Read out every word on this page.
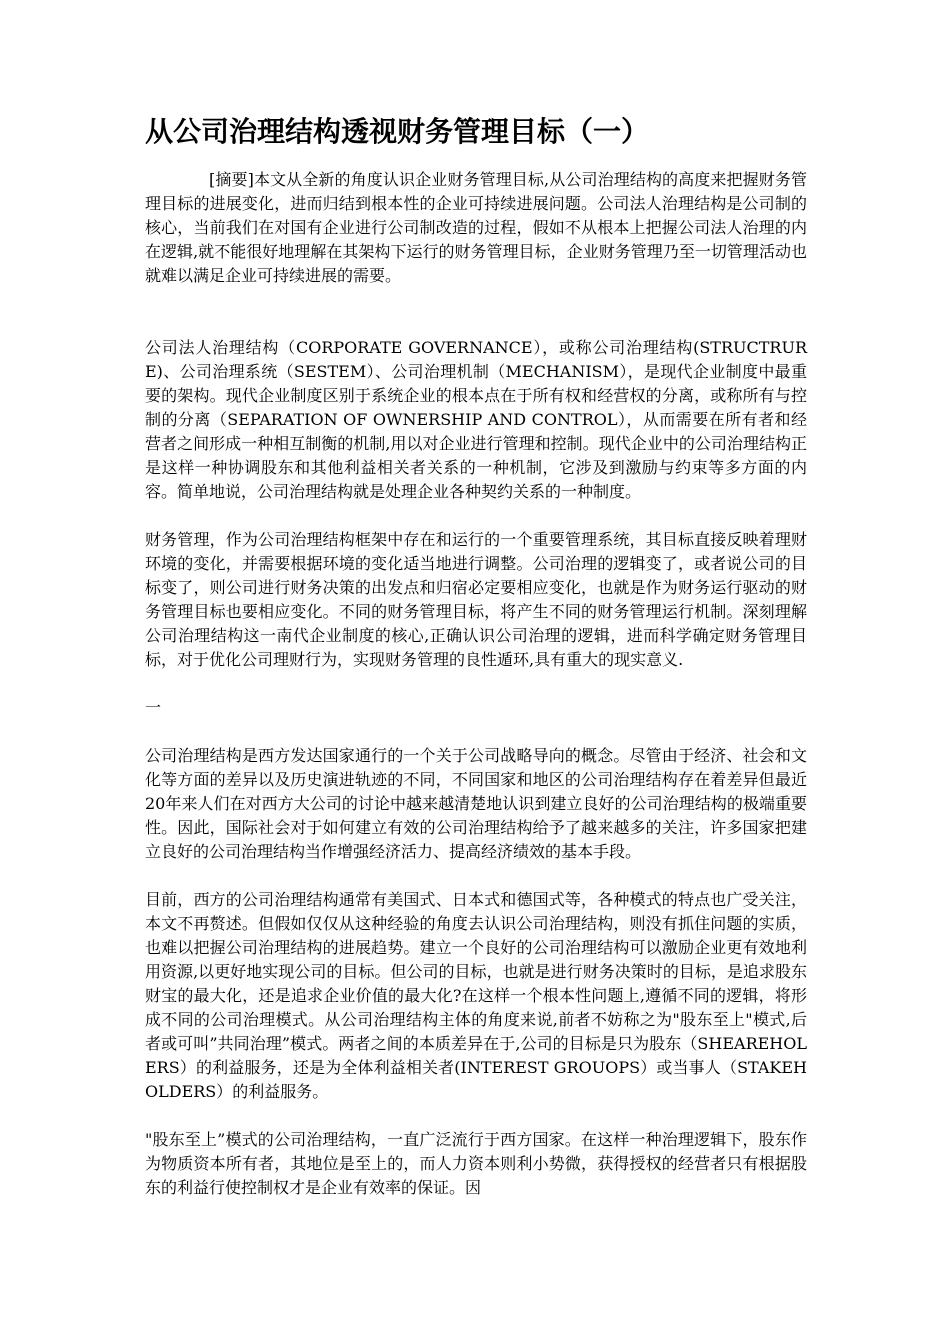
从公司治理结构透视财务管理目标（一）

[摘要]本文从全新的角度认识企业财务管理目标,从公司治理结构的高度来把握财务管理目标的进展变化，进而归结到根本性的企业可持续进展问题。公司法人治理结构是公司制的核心，当前我们在对国有企业进行公司制改造的过程，假如不从根本上把握公司法人治理的内在逻辑,就不能很好地理解在其架构下运行的财务管理目标，企业财务管理乃至一切管理活动也就难以满足企业可持续进展的需要。

公司法人治理结构（CORPORATE GOVERNANCE），或称公司治理结构(STRUCTRURE)、公司治理系统（SESTEM）、公司治理机制（MECHANISM），是现代企业制度中最重要的架构。现代企业制度区别于系统企业的根本点在于所有权和经营权的分离，或称所有与控制的分离（SEPARATION OF OWNERSHIP AND CONTROL），从而需要在所有者和经营者之间形成一种相互制衡的机制,用以对企业进行管理和控制。现代企业中的公司治理结构正是这样一种协调股东和其他利益相关者关系的一种机制，它涉及到激励与约束等多方面的内容。简单地说，公司治理结构就是处理企业各种契约关系的一种制度。

财务管理，作为公司治理结构框架中存在和运行的一个重要管理系统，其目标直接反映着理财环境的变化，并需要根据环境的变化适当地进行调整。公司治理的逻辑变了，或者说公司的目标变了，则公司进行财务决策的出发点和归宿必定要相应变化，也就是作为财务运行驱动的财务管理目标也要相应变化。不同的财务管理目标，将产生不同的财务管理运行机制。深刻理解公司治理结构这一南代企业制度的核心,正确认识公司治理的逻辑，进而科学确定财务管理目标，对于优化公司理财行为，实现财务管理的良性遁环,具有重大的现实意义.

一

公司治理结构是西方发达国家通行的一个关于公司战略导向的概念。尽管由于经济、社会和文化等方面的差异以及历史演进轨迹的不同，不同国家和地区的公司治理结构存在着差异但最近20年来人们在对西方大公司的讨论中越来越清楚地认识到建立良好的公司治理结构的极端重要性。因此，国际社会对于如何建立有效的公司治理结构给予了越来越多的关注，许多国家把建立良好的公司治理结构当作增强经济活力、提高经济绩效的基本手段。

目前，西方的公司治理结构通常有美国式、日本式和德国式等，各种模式的特点也广受关注，本文不再赘述。但假如仅仅从这种经验的角度去认识公司治理结构，则没有抓住问题的实质，也难以把握公司治理结构的进展趋势。建立一个良好的公司治理结构可以激励企业更有效地利用资源,以更好地实现公司的目标。但公司的目标，也就是进行财务决策时的目标，是追求股东财宝的最大化，还是追求企业价值的最大化?在这样一个根本性问题上,遵循不同的逻辑，将形成不同的公司治理模式。从公司治理结构主体的角度来说,前者不妨称之为"股东至上"模式,后者或可叫”共同治理”模式。两者之间的本质差异在于,公司的目标是只为股东（SHEAREHOLERS）的利益服务，还是为全体利益相关者(INTEREST GROUOPS）或当事人（STAKEHOLDERS）的利益服务。

"股东至上”模式的公司治理结构，一直广泛流行于西方国家。在这样一种治理逻辑下，股东作为物质资本所有者，其地位是至上的，而人力资本则利小势微，获得授权的经营者只有根据股东的利益行使控制权才是企业有效率的保证。因
